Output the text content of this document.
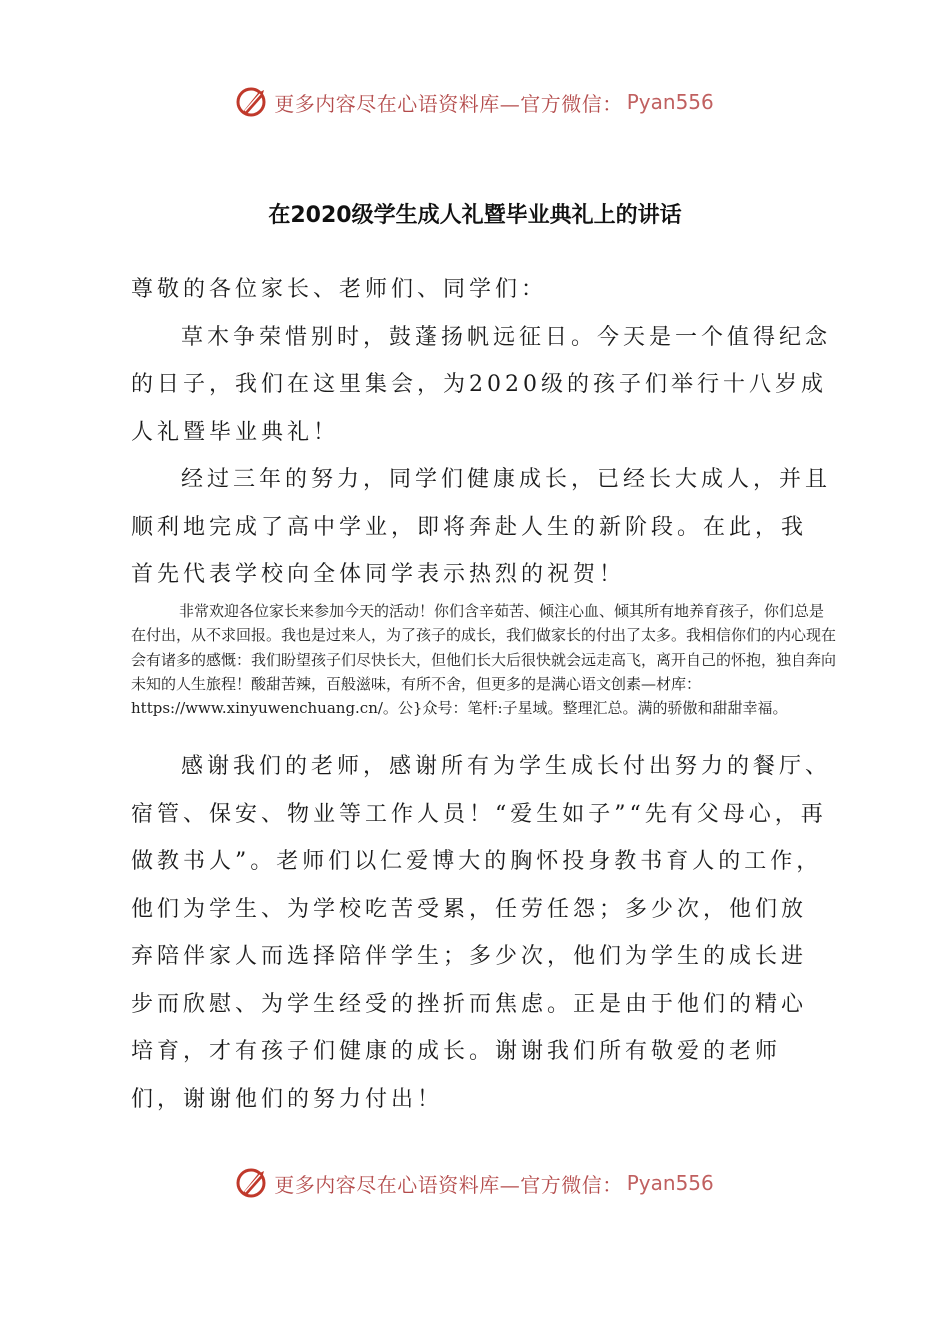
更多内容尽在心语资料库—官方微信： Pyan556
在2020级学生成人礼暨毕业典礼上的讲话

尊敬的各位家长、老师们、同学们：

草木争荣惜别时，鼓蓬扬帆远征日。今天是一个值得纪念的日子，我们在这里集会，为2020级的孩子们举行十八岁成人礼暨毕业典礼！

经过三年的努力，同学们健康成长，已经长大成人，并且顺利地完成了高中学业，即将奔赴人生的新阶段。在此，我首先代表学校向全体同学表示热烈的祝贺！

非常欢迎各位家长来参加今天的活动！你们含辛茹苦、倾注心血、倾其所有地养育孩子，你们总是在付出，从不求回报。我也是过来人，为了孩子的成长，我们做家长的付出了太多。我相信你们的内心现在会有诸多的感慨：我们盼望孩子们尽快长大，但他们长大后很快就会远走高飞，离开自己的怀抱，独自奔向未知的人生旅程！酸甜苦辣，百般滋味，有所不舍，但更多的是满心语文创素—材库：https://www.xinyuwenchuang.cn/。公}众号：笔杆:子星域。整理汇总。满的骄傲和甜甜幸福。

感谢我们的老师，感谢所有为学生成长付出努力的餐厅、宿管、保安、物业等工作人员！“爱生如子”“先有父母心，再做教书人”。老师们以仁爱博大的胸怀投身教书育人的工作，他们为学生、为学校吃苦受累，任劳任怨；多少次，他们放弃陪伴家人而选择陪伴学生；多少次，他们为学生的成长进步而欣慰、为学生经受的挫折而焦虑。正是由于他们的精心培育，才有孩子们健康的成长。谢谢我们所有敬爱的老师们，谢谢他们的努力付出！

更多内容尽在心语资料库—官方微信： Pyan556
